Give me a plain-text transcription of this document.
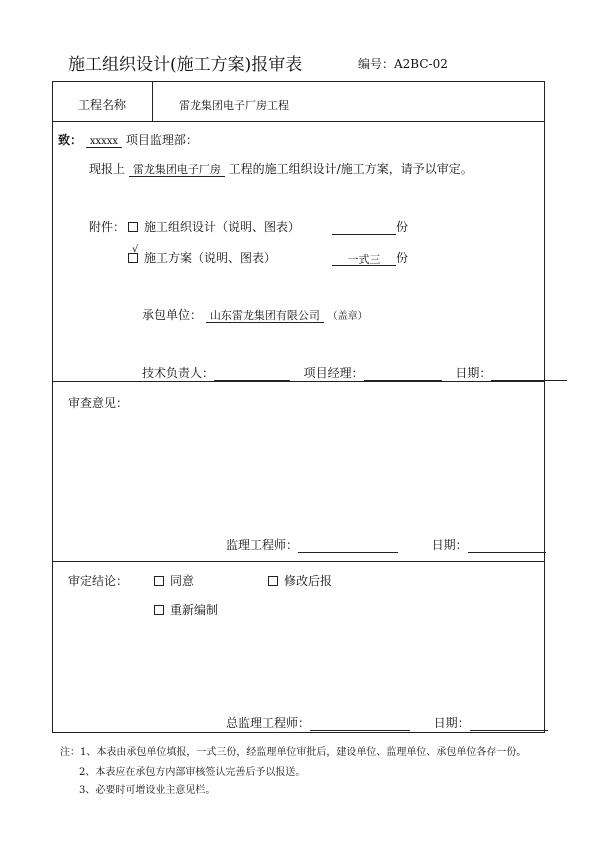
施工组织设计(施工方案)报审表	编号：A2BC-02
工程名称	雷龙集团电子厂房工程
致： xxxxx 项目监理部：
现报上 雷龙集团电子厂房 工程的施工组织设计/施工方案，请予以审定。
附件：	施工组织设计（说明、图表）	份
√
施工方案（说明、图表）	一式三 份
承包单位： 山东雷龙集团有限公司 （盖章）
技术负责人：	项目经理：	日期：
审查意见：
监理工程师：	日期：
审定结论：	同意	修改后报
重新编制
总监理工程师：	日期：
注：1、本表由承包单位填报，一式三份，经监理单位审批后，建设单位、监理单位、承包单位各存一份。
2、本表应在承包方内部审核签认完善后予以报送。
3、必要时可增设业主意见栏。
